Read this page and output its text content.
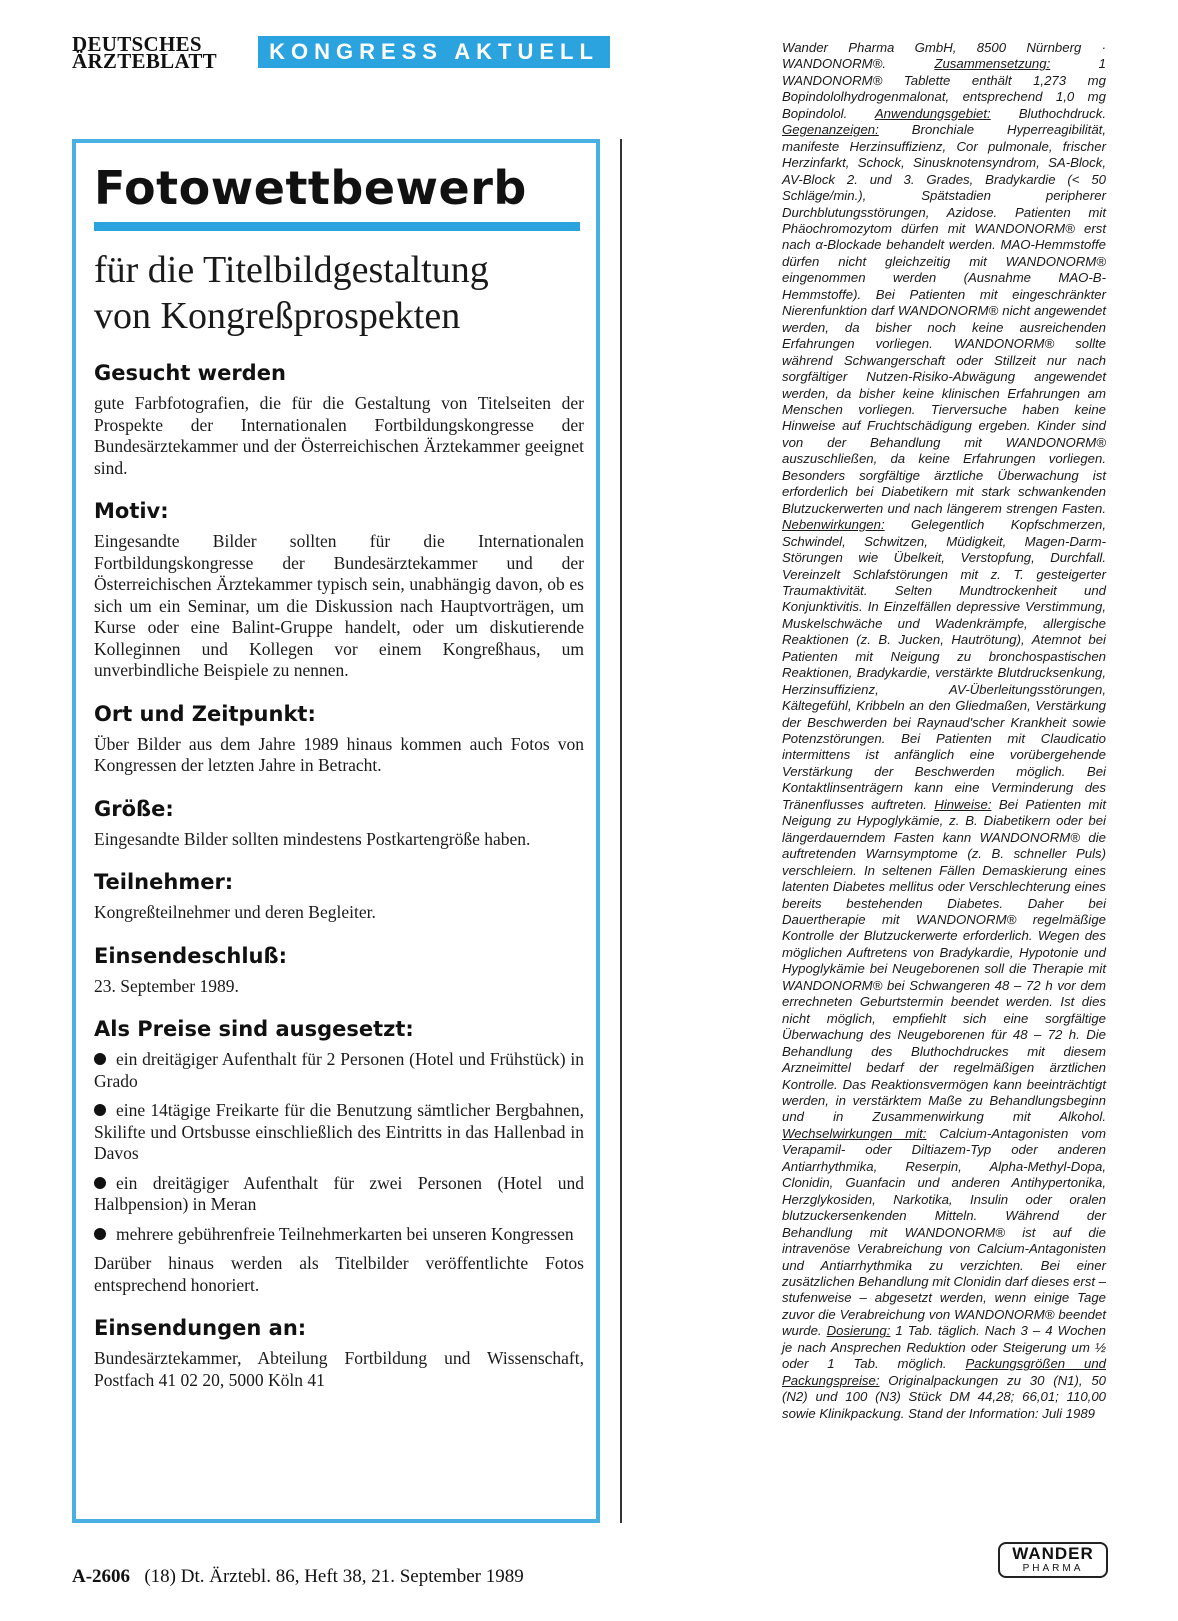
DEUTSCHES
ÄRZTEBLATT	KONGRESS AKTUELL
Fotowettbewerb
für die Titelbildgestaltung
von Kongreßprospekten
Gesucht werden

gute Farbfotografien, die für die Gestaltung von Titelseiten der Prospekte der Internationalen Fortbildungskongresse der Bundesärztekammer und der Österreichischen Ärztekammer geeignet sind.

Motiv:

Eingesandte Bilder sollten für die Internationalen Fortbildungskongresse der Bundesärztekammer und der Österreichischen Ärztekammer typisch sein, unabhängig davon, ob es sich um ein Seminar, um die Diskussion nach Hauptvorträgen, um Kurse oder eine Balint-Gruppe handelt, oder um diskutierende Kolleginnen und Kollegen vor einem Kongreßhaus, um unverbindliche Beispiele zu nennen.

Ort und Zeitpunkt:

Über Bilder aus dem Jahre 1989 hinaus kommen auch Fotos von Kongressen der letzten Jahre in Betracht.

Größe:

Eingesandte Bilder sollten mindestens Postkartengröße haben.

Teilnehmer:

Kongreßteilnehmer und deren Begleiter.

Einsendeschluß:

23. September 1989.

Als Preise sind ausgesetzt:

ein dreitägiger Aufenthalt für 2 Personen (Hotel und Frühstück) in Grado

eine 14tägige Freikarte für die Benutzung sämtlicher Bergbahnen, Skilifte und Ortsbusse einschließlich des Eintritts in das Hallenbad in Davos

ein dreitägiger Aufenthalt für zwei Personen (Hotel und Halbpension) in Meran

mehrere gebührenfreie Teilnehmerkarten bei unseren Kongressen

Darüber hinaus werden als Titelbilder veröffentlichte Fotos entsprechend honoriert.

Einsendungen an:

Bundesärztekammer, Abteilung Fortbildung und Wissenschaft, Postfach 41 02 20, 5000 Köln 41

A-2606 (18) Dt. Ärztebl. 86, Heft 38, 21. September 1989
Wander Pharma GmbH, 8500 Nürnberg · WANDONORM®.	Zusammensetzung: 1 WANDONORM® Tablette enthält 1,273 mg Bopindololhydrogenmalonat, entsprechend 1,0 mg Bopindolol. Anwendungsgebiet: Bluthochdruck. Gegenanzeigen: Bronchiale Hyperreagibilität, manifeste Herzinsuffizienz, Cor pulmonale, frischer Herzinfarkt, Schock, Sinusknotensyndrom, SA-Block, AV-Block 2. und 3. Grades, Bradykardie (< 50 Schläge/min.), Spätstadien peripherer Durchblutungsstörungen, Azidose. Patienten mit Phäochromozytom dürfen mit WANDONORM® erst nach α-Blockade behandelt werden. MAO-Hemmstoffe dürfen nicht gleichzeitig mit WANDONORM® eingenommen werden (Ausnahme MAO-B-Hemmstoffe). Bei Patienten mit eingeschränkter Nierenfunktion darf WANDONORM® nicht angewendet werden, da bisher noch keine ausreichenden Erfahrungen vorliegen. WANDONORM® sollte während Schwangerschaft oder Stillzeit nur nach sorgfältiger Nutzen-Risiko-Abwägung angewendet werden, da bisher keine klinischen Erfahrungen am Menschen vorliegen. Tierversuche haben keine Hinweise auf Fruchtschädigung ergeben. Kinder sind von der Behandlung mit WANDONORM® auszuschließen, da keine Erfahrungen vorliegen. Besonders sorgfältige ärztliche Überwachung ist erforderlich bei Diabetikern mit stark schwankenden Blutzuckerwerten und nach längerem strengen Fasten. Nebenwirkungen: Gelegentlich Kopfschmerzen, Schwindel, Schwitzen, Müdigkeit, Magen-Darm-Störungen wie Übelkeit, Verstopfung, Durchfall. Vereinzelt Schlafstörungen mit z. T. gesteigerter Traumaktivität. Selten Mundtrockenheit und Konjunktivitis. In Einzelfällen depressive Verstimmung, Muskelschwäche und Wadenkrämpfe, allergische Reaktionen (z. B. Jucken, Hautrötung), Atemnot bei Patienten mit Neigung zu bronchospastischen Reaktionen, Bradykardie, verstärkte Blutdrucksenkung, Herzinsuffizienz, AV-Überleitungsstörungen, Kältegefühl, Kribbeln an den Gliedmaßen, Verstärkung der Beschwerden bei Raynaud'scher Krankheit sowie Potenzstörungen. Bei Patienten mit Claudicatio intermittens ist anfänglich eine vorübergehende Verstärkung der Beschwerden möglich. Bei Kontaktlinsenträgern kann eine Verminderung des Tränenflusses auftreten. Hinweise: Bei Patienten mit Neigung zu Hypoglykämie, z. B. Diabetikern oder bei längerdauerndem Fasten kann WANDONORM® die auftretenden Warnsymptome (z. B. schneller Puls) verschleiern. In seltenen Fällen Demaskierung eines latenten Diabetes mellitus oder Verschlechterung eines bereits bestehenden Diabetes. Daher bei Dauertherapie mit WANDONORM® regelmäßige Kontrolle der Blutzuckerwerte erforderlich. Wegen des möglichen Auftretens von Bradykardie, Hypotonie und Hypoglykämie bei Neugeborenen soll die Therapie mit WANDONORM® bei Schwangeren 48 – 72 h vor dem errechneten Geburtstermin beendet werden. Ist dies nicht möglich, empfiehlt sich eine sorgfältige Überwachung des Neugeborenen für 48 – 72 h. Die Behandlung des Bluthochdruckes mit diesem Arzneimittel bedarf der regelmäßigen ärztlichen Kontrolle. Das Reaktionsvermögen kann beeinträchtigt werden, in verstärktem Maße zu Behandlungsbeginn und in Zusammenwirkung mit Alkohol. Wechselwirkungen mit: Calcium-Antagonisten vom Verapamil- oder Diltiazem-Typ oder anderen Antiarrhythmika, Reserpin, Alpha-Methyl-Dopa, Clonidin, Guanfacin und anderen Antihypertonika, Herzglykosiden, Narkotika, Insulin oder oralen blutzuckersenkenden Mitteln. Während der Behandlung mit WANDONORM® ist auf die intravenöse Verabreichung von Calcium-Antagonisten und Antiarrhythmika zu verzichten. Bei einer zusätzlichen Behandlung mit Clonidin darf dieses erst – stufenweise – abgesetzt werden, wenn einige Tage zuvor die Verabreichung von WANDONORM® beendet wurde. Dosierung: 1 Tab. täglich. Nach 3 – 4 Wochen je nach Ansprechen Reduktion oder Steigerung um ½ oder 1 Tab. möglich. Packungsgrößen und Packungspreise: Originalpackungen zu 30 (N1), 50 (N2) und 100 (N3) Stück DM 44,28; 66,01; 110,00 sowie Klinikpackung. Stand der Information: Juli 1989
WANDER
PHARMA
